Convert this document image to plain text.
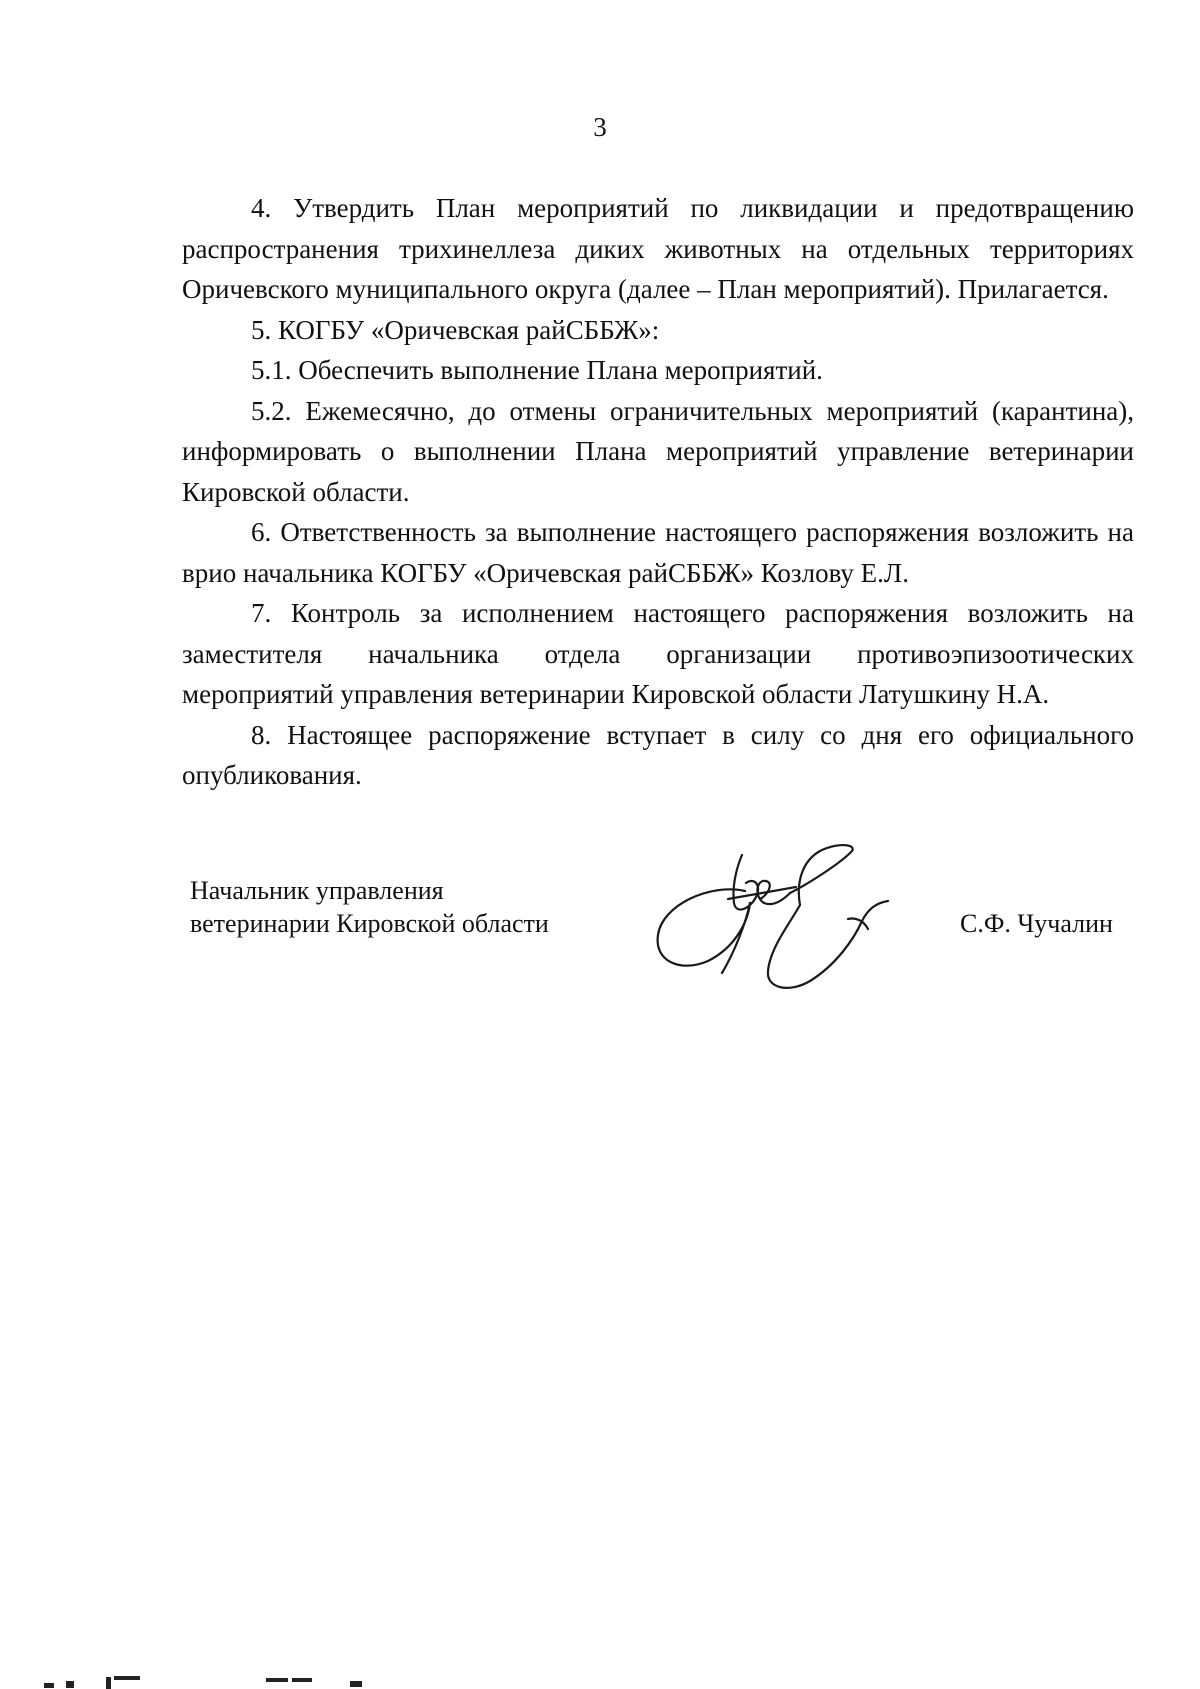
3

4. Утвердить План мероприятий по ликвидации и предотвращению распространения трихинеллеза диких животных на отдельных территориях Оричевского муниципального округа (далее – План мероприятий). Прилагается.

5. КОГБУ «Оричевская райСББЖ»:

5.1. Обеспечить выполнение Плана мероприятий.

5.2. Ежемесячно, до отмены ограничительных мероприятий (карантина), информировать о выполнении Плана мероприятий управление ветеринарии Кировской области.

6. Ответственность за выполнение настоящего распоряжения возложить на врио начальника КОГБУ «Оричевская райСББЖ» Козлову Е.Л.

7. Контроль за исполнением настоящего распоряжения возложить на заместителя начальника отдела организации противоэпизоотических мероприятий управления ветеринарии Кировской области Латушкину Н.А.

8. Настоящее распоряжение вступает в силу со дня его официального опубликования.

Начальник управления
ветеринарии Кировской области	С.Ф. Чучалин
